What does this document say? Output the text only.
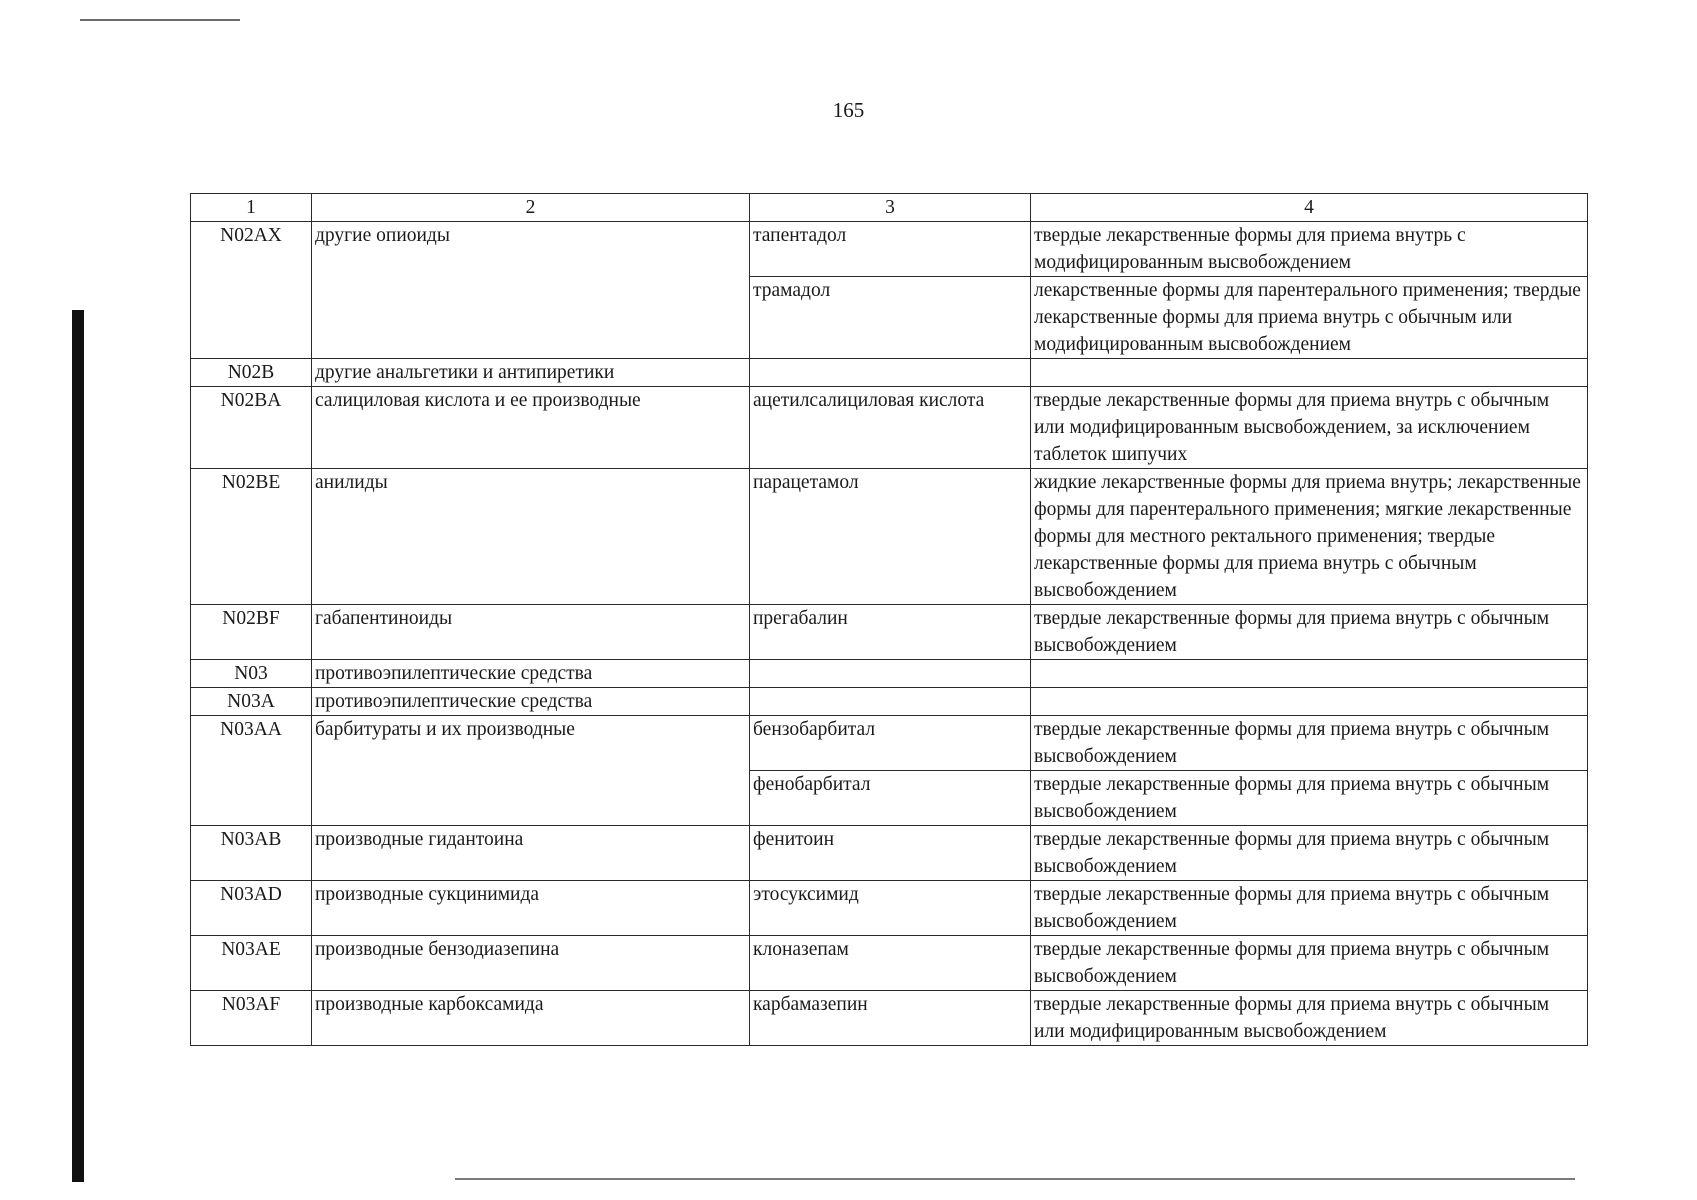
165
1	2	3	4
N02AX	другие опиоиды	тапентадол	твердые лекарственные формы для приема внутрь с модифицированным высвобождением
		трамадол	лекарственные формы для парентерального применения; твердые лекарственные формы для приема внутрь с обычным или модифицированным высвобождением
N02B	другие анальгетики и антипиретики		
N02BA	салициловая кислота и ее производные	ацетилсалициловая кислота	твердые лекарственные формы для приема внутрь с обычным или модифицированным высвобождением, за исключением таблеток шипучих
N02BE	анилиды	парацетамол	жидкие лекарственные формы для приема внутрь; лекарственные формы для парентерального применения; мягкие лекарственные формы для местного ректального применения; твердые лекарственные формы для приема внутрь с обычным высвобождением
N02BF	габапентиноиды	прегабалин	твердые лекарственные формы для приема внутрь с обычным высвобождением
N03	противоэпилептические средства		
N03A	противоэпилептические средства		
N03AA	барбитураты и их производные	бензобарбитал	твердые лекарственные формы для приема внутрь с обычным высвобождением
		фенобарбитал	твердые лекарственные формы для приема внутрь с обычным высвобождением
N03AB	производные гидантоина	фенитоин	твердые лекарственные формы для приема внутрь с обычным высвобождением
N03AD	производные сукцинимида	этосуксимид	твердые лекарственные формы для приема внутрь с обычным высвобождением
N03AE	производные бензодиазепина	клоназепам	твердые лекарственные формы для приема внутрь с обычным высвобождением
N03AF	производные карбоксамида	карбамазепин	твердые лекарственные формы для приема внутрь с обычным или модифицированным высвобождением
